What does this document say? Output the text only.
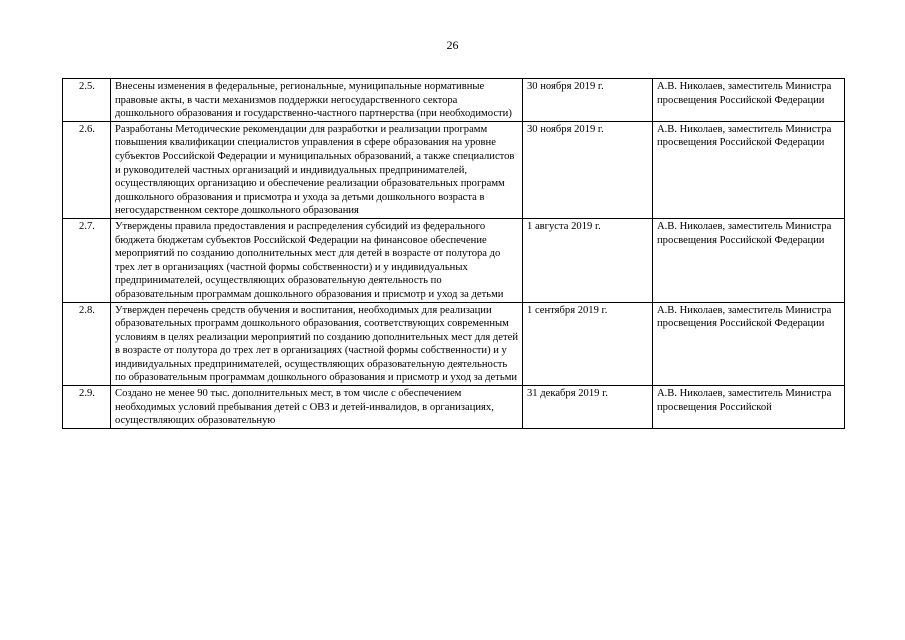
26
2.5.	Внесены изменения в федеральные, региональные, муниципальные нормативные правовые акты, в части механизмов поддержки негосударственного сектора дошкольного образования и государственно-частного партнерства (при необходимости)	30 ноября 2019 г.	А.В. Николаев, заместитель Министра просвещения Российской Федерации
2.6.	Разработаны Методические рекомендации для разработки и реализации программ повышения квалификации специалистов управления в сфере образования на уровне субъектов Российской Федерации и муниципальных образований, а также специалистов и руководителей частных организаций и индивидуальных предпринимателей, осуществляющих организацию и обеспечение реализации образовательных программ дошкольного образования и присмотра и ухода за детьми дошкольного возраста в негосударственном секторе дошкольного образования	30 ноября 2019 г.	А.В. Николаев, заместитель Министра просвещения Российской Федерации
2.7.	Утверждены правила предоставления и распределения субсидий из федерального бюджета бюджетам субъектов Российской Федерации на финансовое обеспечение мероприятий по созданию дополнительных мест для детей в возрасте от полутора до трех лет в организациях (частной формы собственности) и у индивидуальных предпринимателей, осуществляющих образовательную деятельность по образовательным программам дошкольного образования и присмотр и уход за детьми	1 августа 2019 г.	А.В. Николаев, заместитель Министра просвещения Российской Федерации
2.8.	Утвержден перечень средств обучения и воспитания, необходимых для реализации образовательных программ дошкольного образования, соответствующих современным условиям в целях реализации мероприятий по созданию дополнительных мест для детей в возрасте от полутора до трех лет в организациях (частной формы собственности) и у индивидуальных предпринимателей, осуществляющих образовательную деятельность по образовательным программам дошкольного образования и присмотр и уход за детьми	1 сентября 2019 г.	А.В. Николаев, заместитель Министра просвещения Российской Федерации
2.9.	Создано не менее 90 тыс. дополнительных мест, в том числе с обеспечением необходимых условий пребывания детей с ОВЗ и детей-инвалидов, в организациях, осуществляющих образовательную	31 декабря 2019 г.	А.В. Николаев, заместитель Министра просвещения Российской
